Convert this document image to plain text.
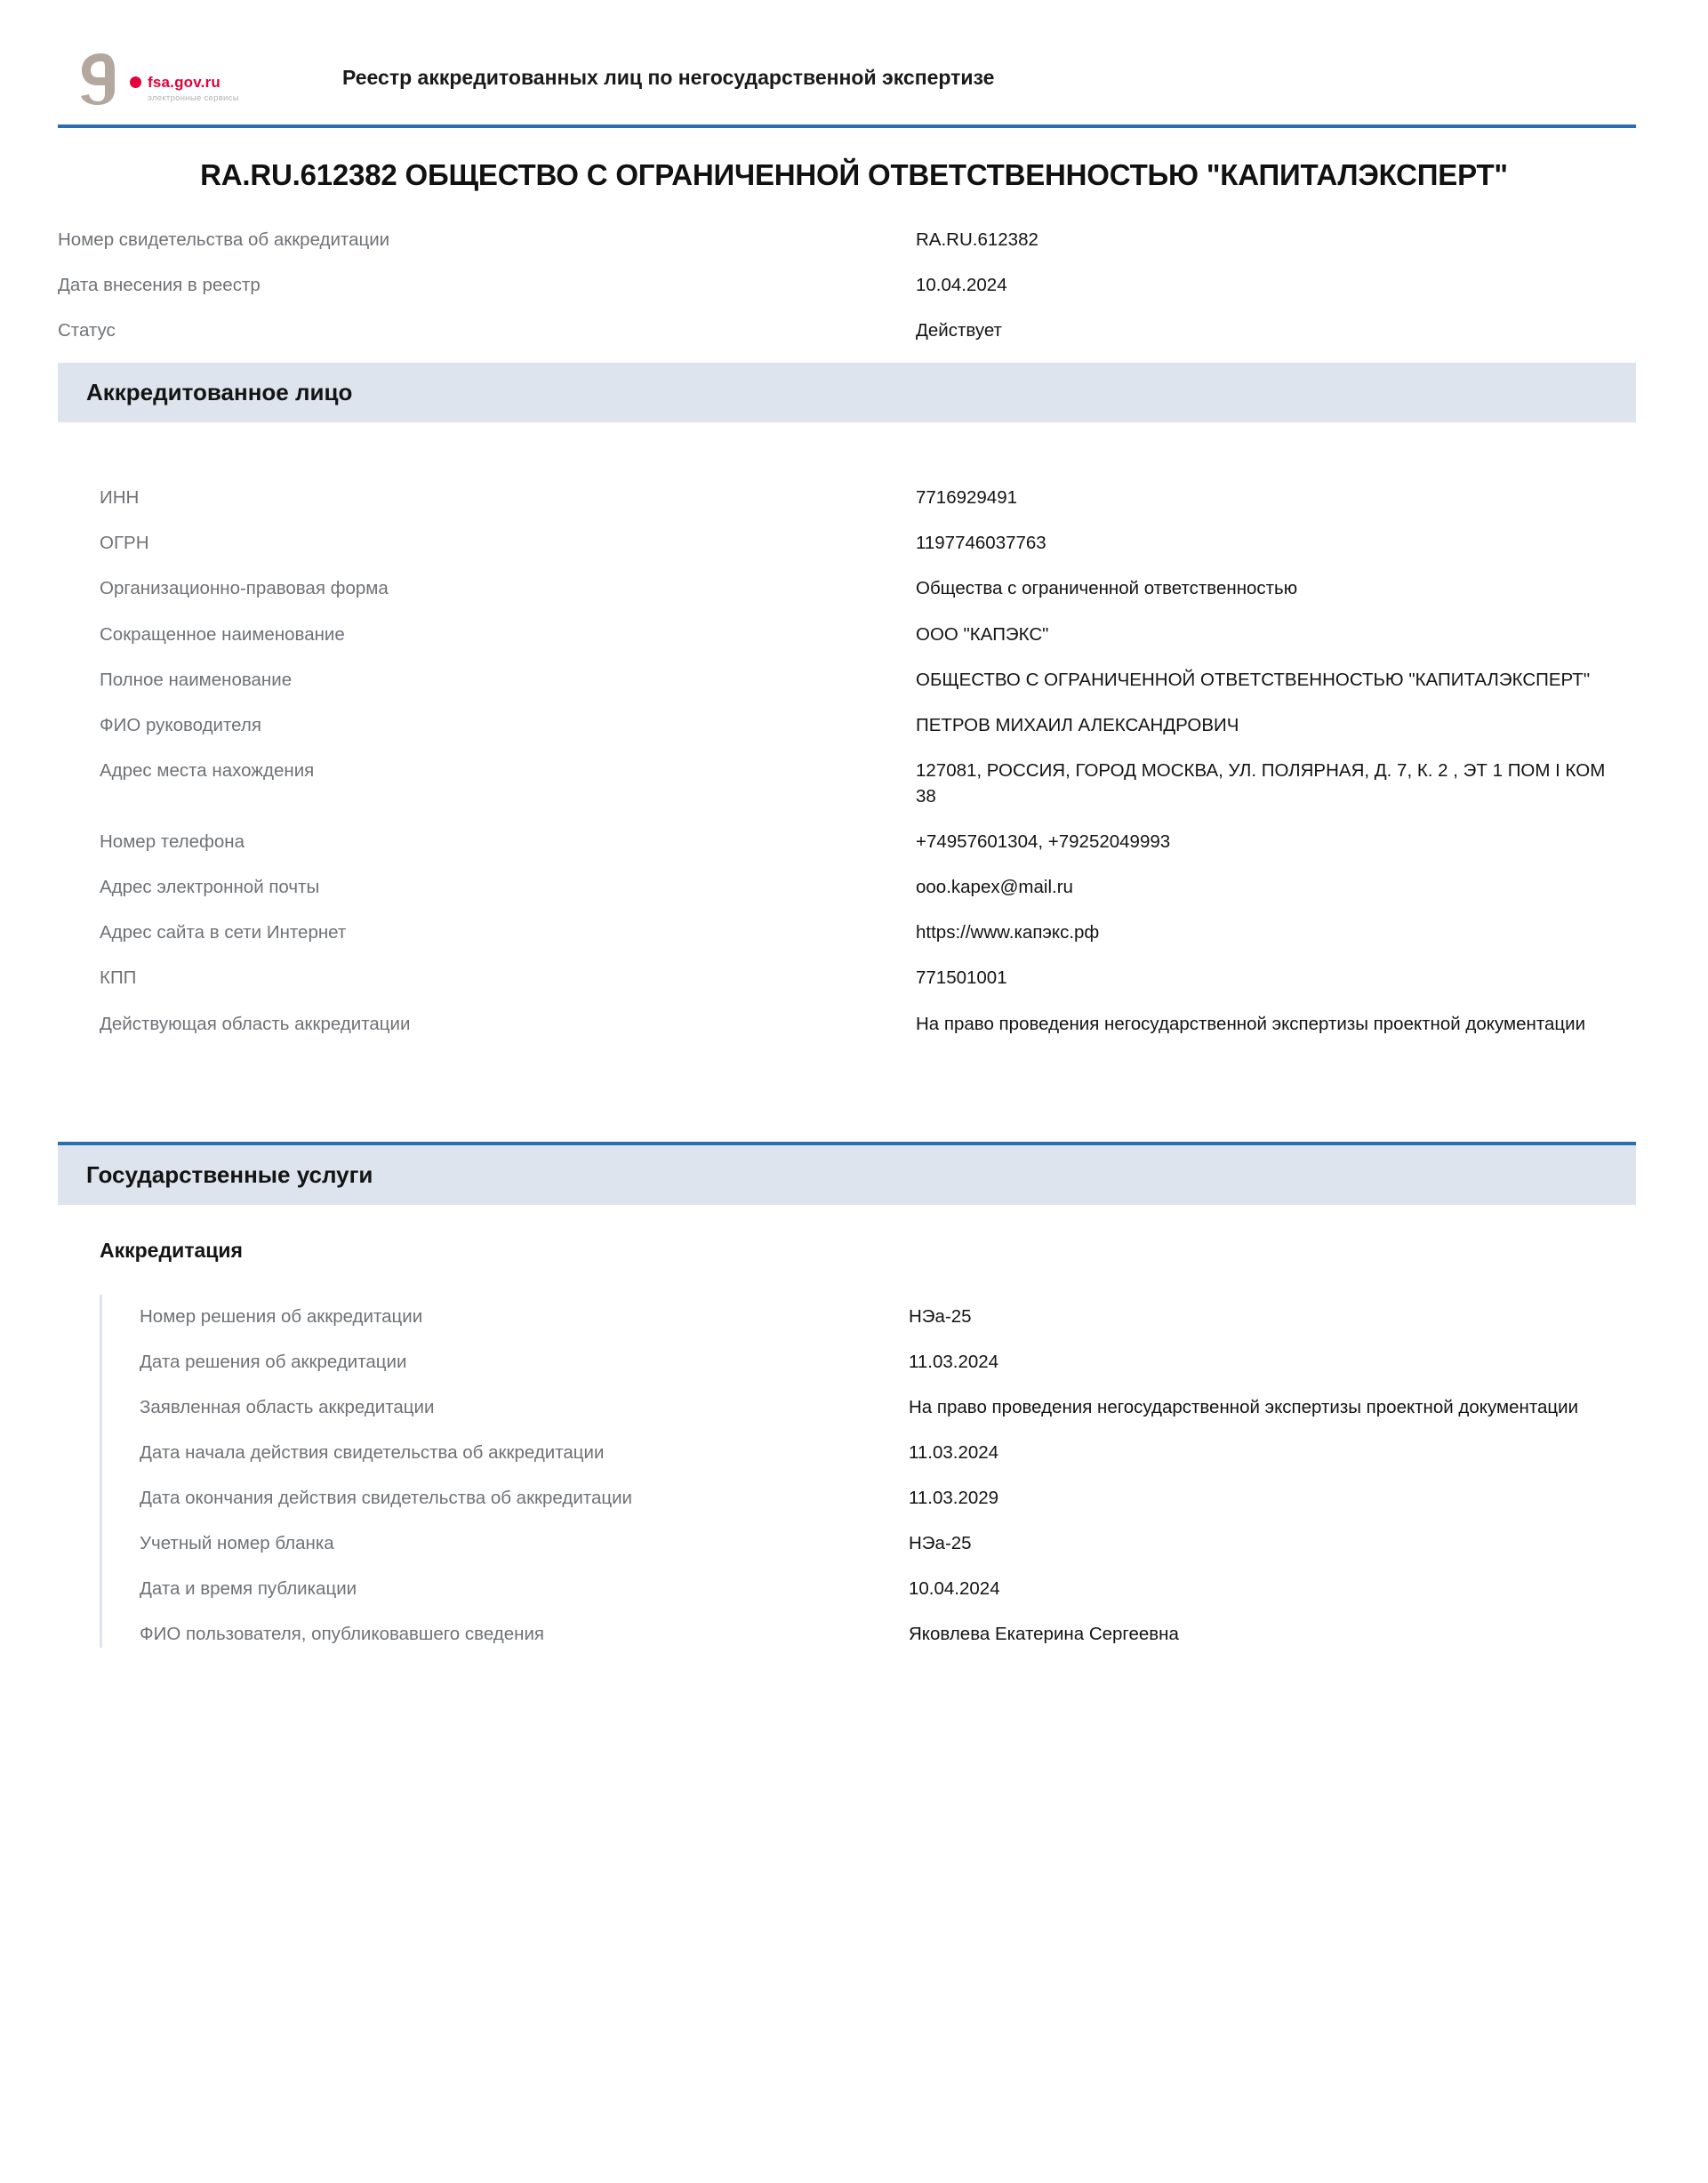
fsa.gov.ru
электронные сервисы
Реестр аккредитованных лиц по негосударственной экспертизе
RA.RU.612382 ОБЩЕСТВО С ОГРАНИЧЕННОЙ ОТВЕТСТВЕННОСТЬЮ "КАПИТАЛЭКСПЕРТ"
Номер свидетельства об аккредитации	RA.RU.612382
Дата внесения в реестр	10.04.2024
Статус	Действует
Аккредитованное лицо
ИНН	7716929491
ОГРН	1197746037763
Организационно-правовая форма	Общества с ограниченной ответственностью
Сокращенное наименование	ООО "КАПЭКС"
Полное наименование	ОБЩЕСТВО С ОГРАНИЧЕННОЙ ОТВЕТСТВЕННОСТЬЮ "КАПИТАЛЭКСПЕРТ"
ФИО руководителя	ПЕТРОВ МИХАИЛ АЛЕКСАНДРОВИЧ
Адрес места нахождения	127081, РОССИЯ, ГОРОД МОСКВА, УЛ. ПОЛЯРНАЯ, Д. 7, К. 2 , ЭТ 1 ПОМ I КОМ 38
Номер телефона	+74957601304, +79252049993
Адрес электронной почты	ooo.kapex@mail.ru
Адрес сайта в сети Интернет	https://www.капэкс.рф
КПП	771501001
Действующая область аккредитации	На право проведения негосударственной экспертизы проектной документации
Государственные услуги
Аккредитация
Номер решения об аккредитации	НЭа-25
Дата решения об аккредитации	11.03.2024
Заявленная область аккредитации	На право проведения негосударственной экспертизы проектной документации
Дата начала действия свидетельства об аккредитации	11.03.2024
Дата окончания действия свидетельства об аккредитации	11.03.2029
Учетный номер бланка	НЭа-25
Дата и время публикации	10.04.2024
ФИО пользователя, опубликовавшего сведения	Яковлева Екатерина Сергеевна
